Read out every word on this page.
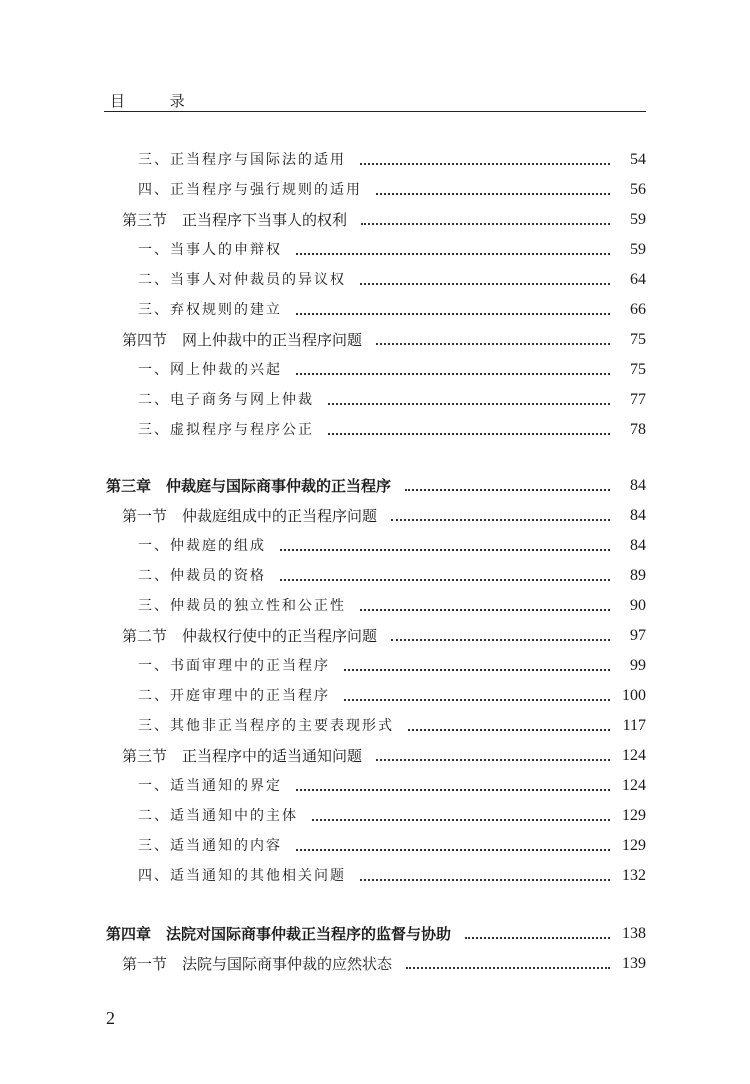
目 录
三、正当程序与国际法的适用	54
四、正当程序与强行规则的适用	56
第三节　正当程序下当事人的权利	59
一、当事人的申辩权	59
二、当事人对仲裁员的异议权	64
三、弃权规则的建立	66
第四节　网上仲裁中的正当程序问题	75
一、网上仲裁的兴起	75
二、电子商务与网上仲裁	77
三、虚拟程序与程序公正	78
第三章　仲裁庭与国际商事仲裁的正当程序	84
第一节　仲裁庭组成中的正当程序问题	84
一、仲裁庭的组成	84
二、仲裁员的资格	89
三、仲裁员的独立性和公正性	90
第二节　仲裁权行使中的正当程序问题	97
一、书面审理中的正当程序	99
二、开庭审理中的正当程序	100
三、其他非正当程序的主要表现形式	117
第三节　正当程序中的适当通知问题	124
一、适当通知的界定	124
二、适当通知中的主体	129
三、适当通知的内容	129
四、适当通知的其他相关问题	132
第四章　法院对国际商事仲裁正当程序的监督与协助	138
第一节　法院与国际商事仲裁的应然状态	139
2
